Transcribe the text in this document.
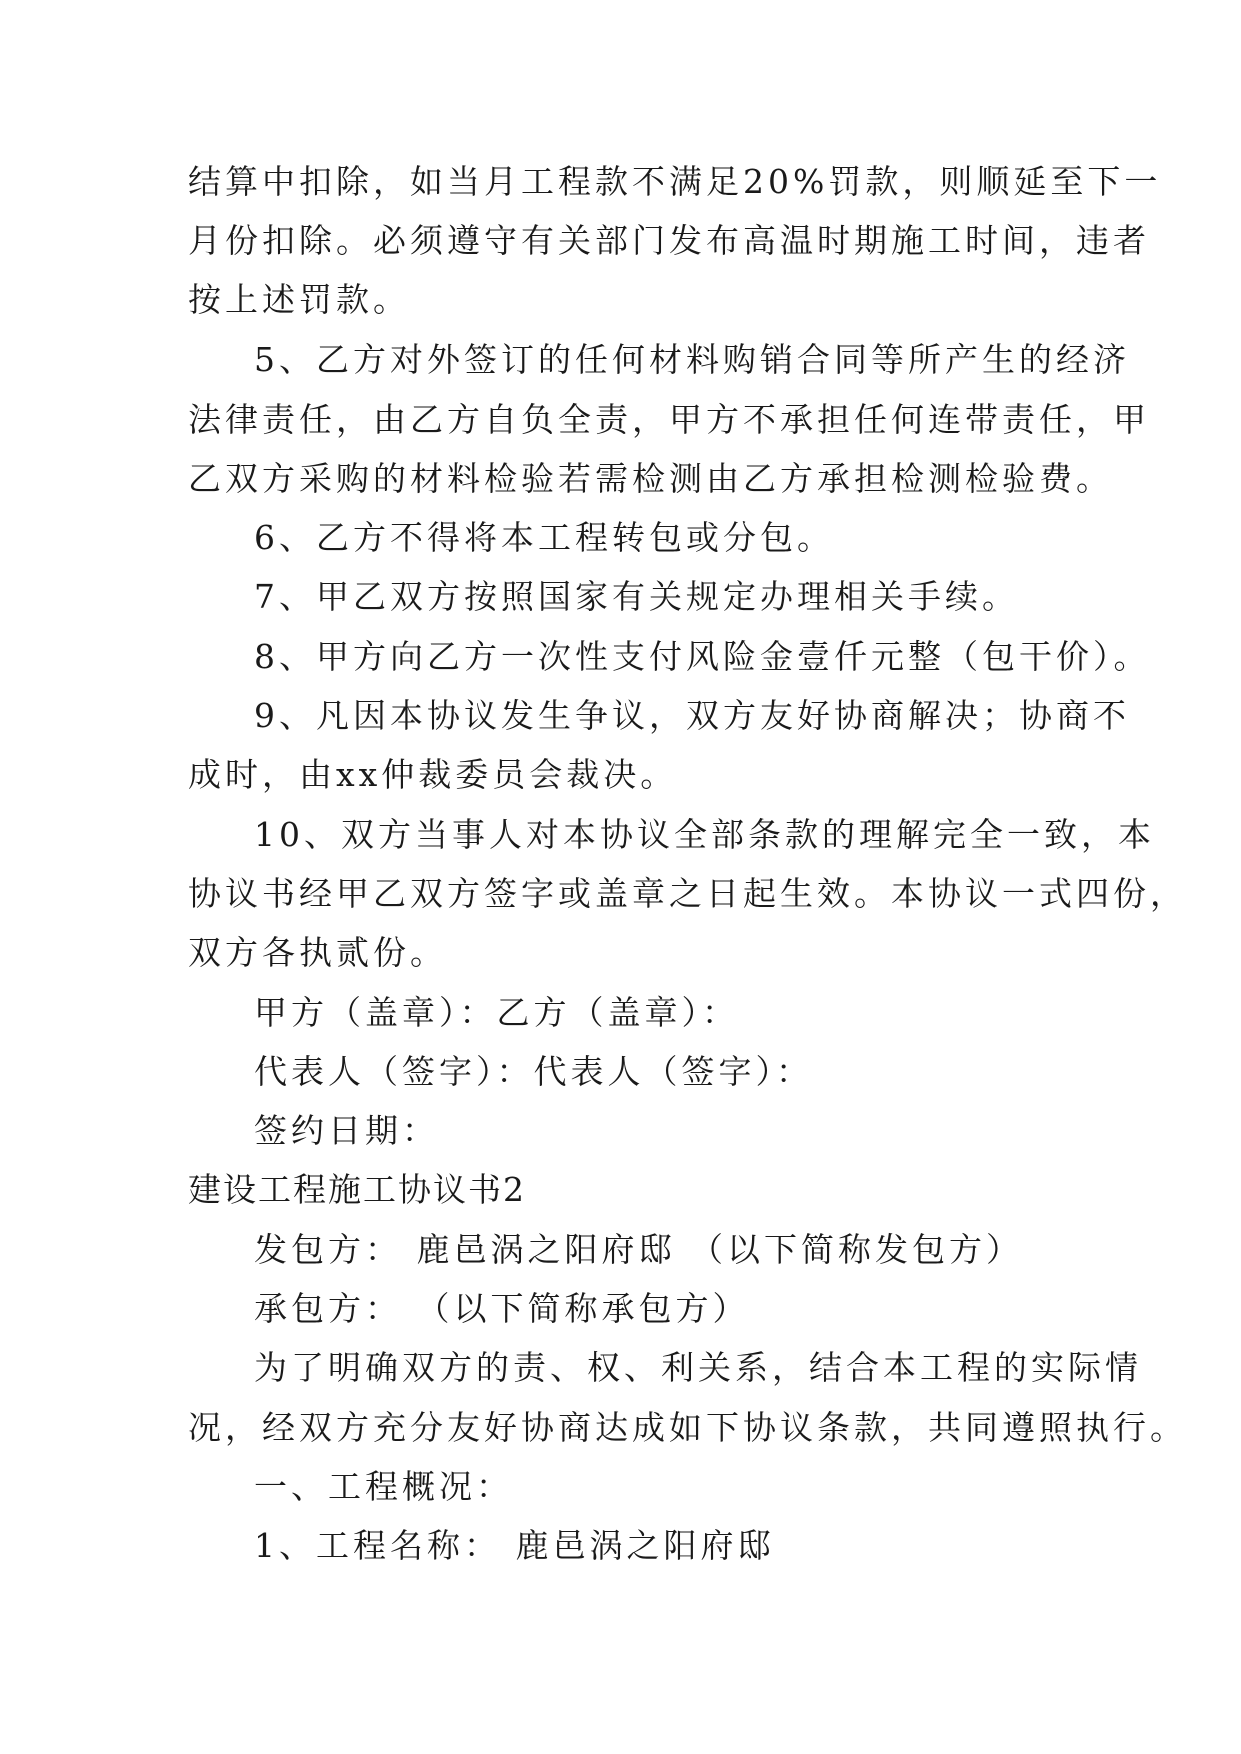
结算中扣除，如当月工程款不满足20%罚款，则顺延至下一
月份扣除。必须遵守有关部门发布高温时期施工时间，违者
按上述罚款。
5、乙方对外签订的任何材料购销合同等所产生的经济
法律责任，由乙方自负全责，甲方不承担任何连带责任，甲
乙双方采购的材料检验若需检测由乙方承担检测检验费。
6、乙方不得将本工程转包或分包。
7、甲乙双方按照国家有关规定办理相关手续。
8、甲方向乙方一次性支付风险金壹仟元整（包干价）。
9、凡因本协议发生争议，双方友好协商解决；协商不
成时，由xx仲裁委员会裁决。
10、双方当事人对本协议全部条款的理解完全一致，本
协议书经甲乙双方签字或盖章之日起生效。本协议一式四份，
双方各执贰份。
甲方（盖章）：乙方（盖章）：
代表人（签字）：代表人（签字）：
签约日期：
建设工程施工协议书2
发包方： 鹿邑涡之阳府邸 （以下简称发包方）
承包方： （以下简称承包方）
为了明确双方的责、权、利关系，结合本工程的实际情
况，经双方充分友好协商达成如下协议条款，共同遵照执行。
一、工程概况：
1、工程名称： 鹿邑涡之阳府邸
